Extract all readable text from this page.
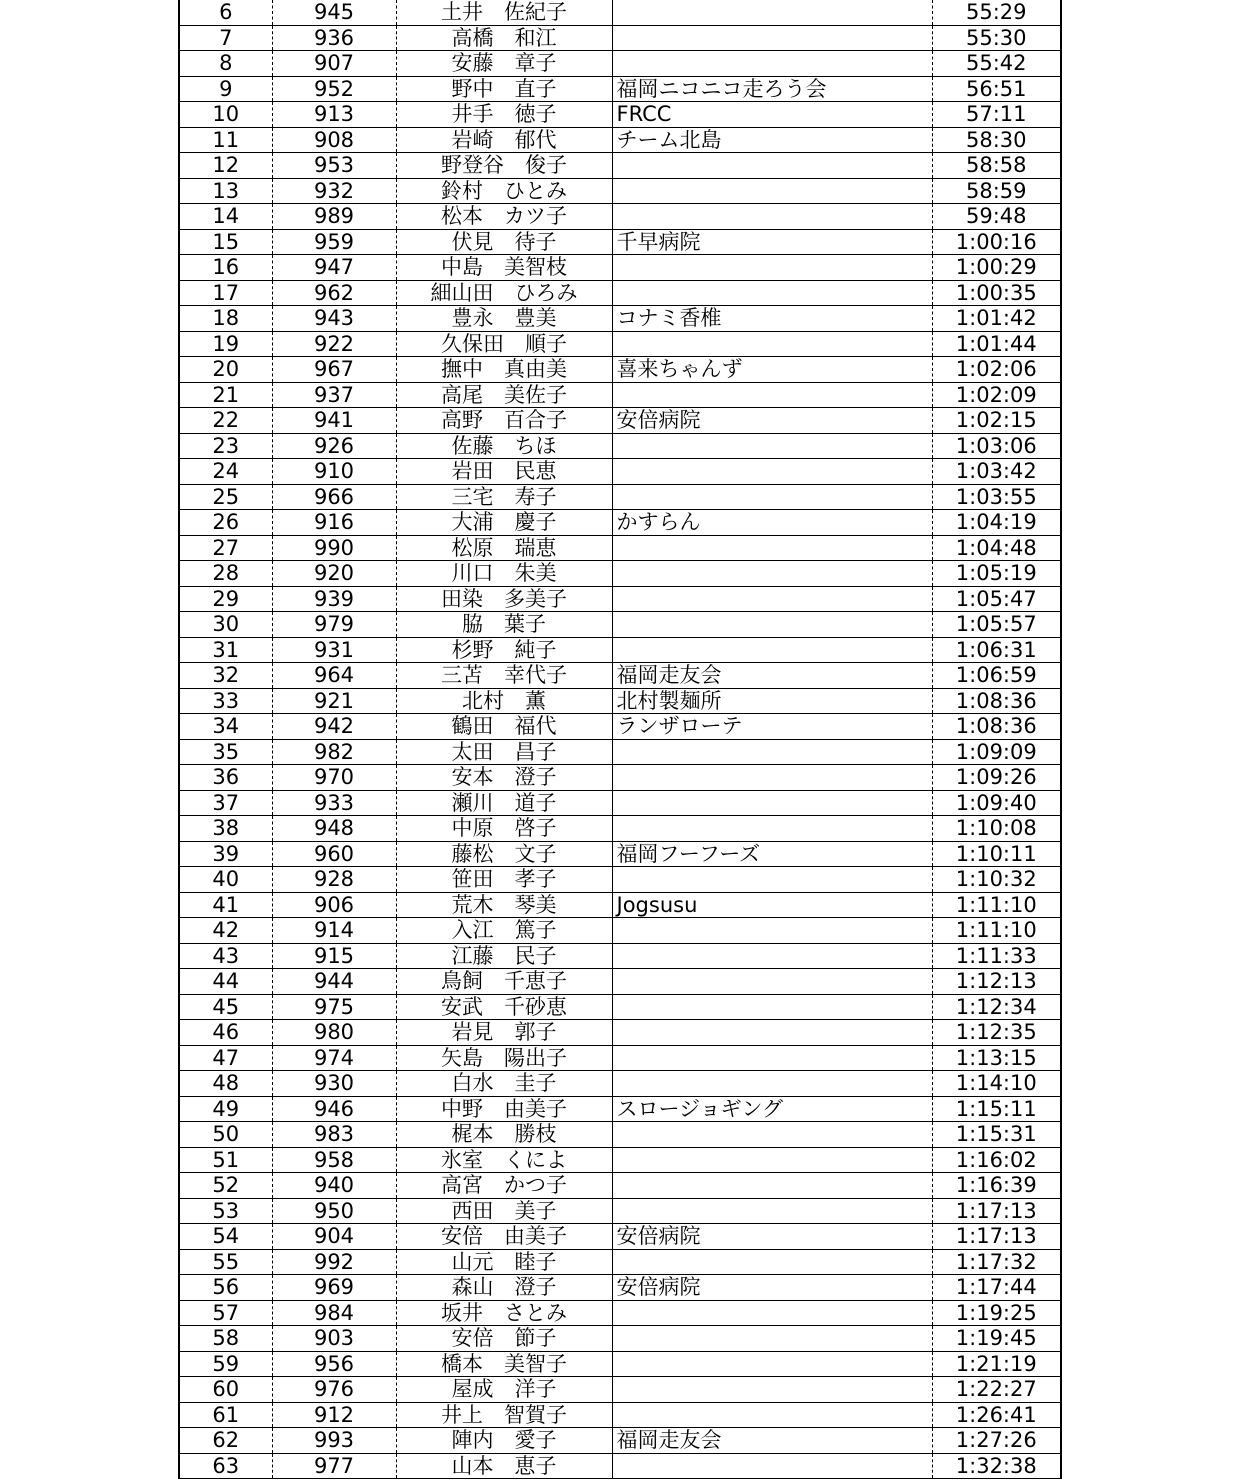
6	945	土井　佐紀子		55:29
7	936	高橋　和江		55:30
8	907	安藤　章子		55:42
9	952	野中　直子	福岡ニコニコ走ろう会	56:51
10	913	井手　徳子	FRCC	57:11
11	908	岩崎　郁代	チーム北島	58:30
12	953	野登谷　俊子		58:58
13	932	鈴村　ひとみ		58:59
14	989	松本　カツ子		59:48
15	959	伏見　待子	千早病院	1:00:16
16	947	中島　美智枝		1:00:29
17	962	細山田　ひろみ		1:00:35
18	943	豊永　豊美	コナミ香椎	1:01:42
19	922	久保田　順子		1:01:44
20	967	撫中　真由美	喜来ちゃんず	1:02:06
21	937	高尾　美佐子		1:02:09
22	941	高野　百合子	安倍病院	1:02:15
23	926	佐藤　ちほ		1:03:06
24	910	岩田　民恵		1:03:42
25	966	三宅　寿子		1:03:55
26	916	大浦　慶子	かすらん	1:04:19
27	990	松原　瑞恵		1:04:48
28	920	川口　朱美		1:05:19
29	939	田染　多美子		1:05:47
30	979	脇　葉子		1:05:57
31	931	杉野　純子		1:06:31
32	964	三苫　幸代子	福岡走友会	1:06:59
33	921	北村　薫	北村製麺所	1:08:36
34	942	鶴田　福代	ランザローテ	1:08:36
35	982	太田　昌子		1:09:09
36	970	安本　澄子		1:09:26
37	933	瀬川　道子		1:09:40
38	948	中原　啓子		1:10:08
39	960	藤松　文子	福岡フーフーズ	1:10:11
40	928	笹田　孝子		1:10:32
41	906	荒木　琴美	Jogsusu	1:11:10
42	914	入江　篤子		1:11:10
43	915	江藤　民子		1:11:33
44	944	鳥飼　千恵子		1:12:13
45	975	安武　千砂恵		1:12:34
46	980	岩見　郭子		1:12:35
47	974	矢島　陽出子		1:13:15
48	930	白水　圭子		1:14:10
49	946	中野　由美子	スロージョギング	1:15:11
50	983	梶本　勝枝		1:15:31
51	958	氷室　くによ		1:16:02
52	940	高宮　かつ子		1:16:39
53	950	西田　美子		1:17:13
54	904	安倍　由美子	安倍病院	1:17:13
55	992	山元　睦子		1:17:32
56	969	森山　澄子	安倍病院	1:17:44
57	984	坂井　さとみ		1:19:25
58	903	安倍　節子		1:19:45
59	956	橋本　美智子		1:21:19
60	976	屋成　洋子		1:22:27
61	912	井上　智賀子		1:26:41
62	993	陣内　愛子	福岡走友会	1:27:26
63	977	山本　恵子		1:32:38
